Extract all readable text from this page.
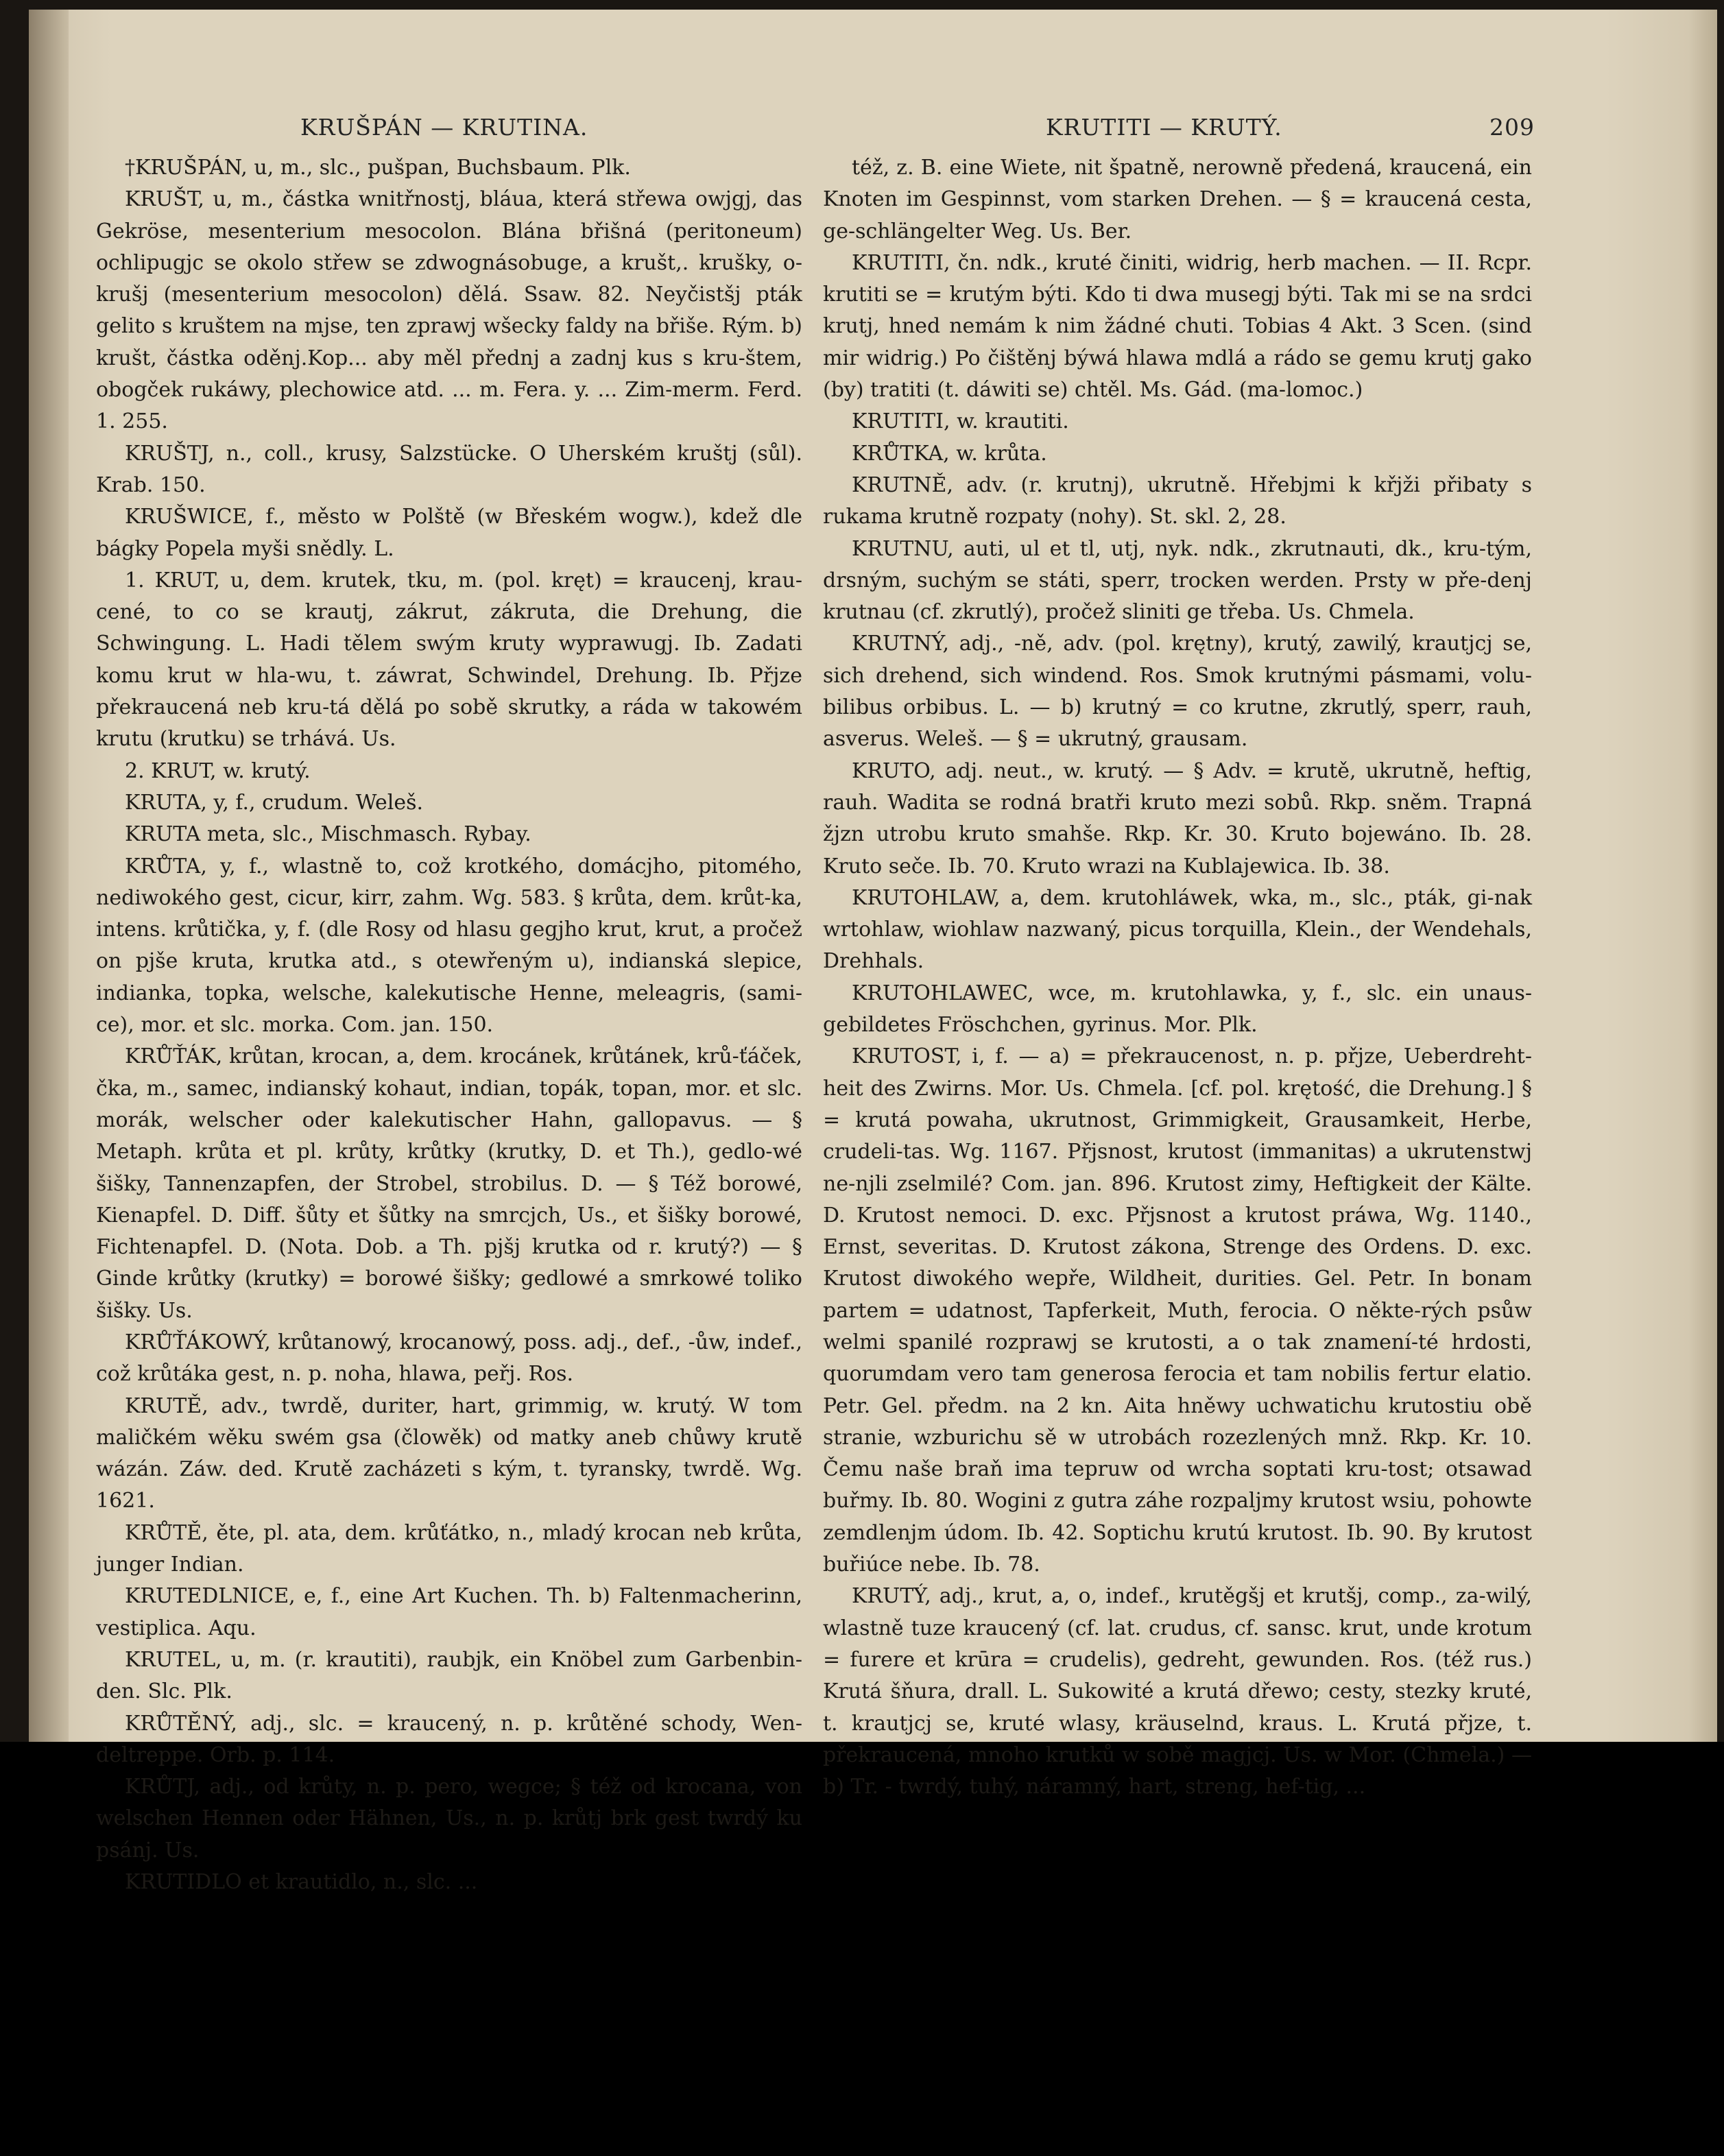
KRUŠPÁN — KRUTINA.	KRUTITI — KRUTÝ.	209

†KRUŠPÁN, u, m., slc., pušpan, Buchsbaum. Plk.

KRUŠT, u, m., částka wnitřnostj, bláua, která střewa owjgj, das Gekröse, mesenterium mesocolon. Blána břišná (peritoneum) ochlipugjc se okolo střew se zdwognásobuge, a krušt,. krušky, o-krušj (mesenterium mesocolon) dělá. Ssaw. 82. Neyčistšj pták gelito s kruštem na mjse, ten zprawj wšecky faldy na břiše. Rým. b) krušt, částka oděnj.Kop... aby měl přednj a zadnj kus s kru-štem, obogček rukáwy, plechowice atd. ... m. Fera. y. ... Zim-merm. Ferd. 1. 255.

KRUŠTJ, n., coll., krusy, Salzstücke. O Uherském kruštj (sůl). Krab. 150.

KRUŠWICE, f., město w Polště (w Břeském wogw.), kdež dle bágky Popela myši snědly. L.

1. KRUT, u, dem. krutek, tku, m. (pol. kręt) = kraucenj, krau-cené, to co se krautj, zákrut, zákruta, die Drehung, die Schwingung. L. Hadi tělem swým kruty wyprawugj. Ib. Zadati komu krut w hla-wu, t. záwrat, Schwindel, Drehung. Ib. Přjze překraucená neb kru-tá dělá po sobě skrutky, a ráda w takowém krutu (krutku) se trhává. Us.

2. KRUT, w. krutý.

KRUTA, y, f., crudum. Weleš.

KRUTA meta, slc., Mischmasch. Rybay.

KRŮTA, y, f., wlastně to, což krotkého, domácjho, pitomého, nediwokého gest, cicur, kirr, zahm. Wg. 583. § krůta, dem. krůt-ka, intens. krůtička, y, f. (dle Rosy od hlasu gegjho krut, krut, a pročež on pjše kruta, krutka atd., s otewřeným u), indianská slepice, indianka, topka, welsche, kalekutische Henne, meleagris, (sami-ce), mor. et slc. morka. Com. jan. 150.

KRŮŤÁK, krůtan, krocan, a, dem. krocánek, krůtánek, krů-ťáček, čka, m., samec, indianský kohaut, indian, topák, topan, mor. et slc. morák, welscher oder kalekutischer Hahn, gallopavus. — § Metaph. krůta et pl. krůty, krůtky (krutky, D. et Th.), gedlo-wé šišky, Tannenzapfen, der Strobel, strobilus. D. — § Též borowé, Kienapfel. D. Diff. šůty et šůtky na smrcjch, Us., et šišky borowé, Fichtenapfel. D. (Nota. Dob. a Th. pjšj krutka od r. krutý?) — § Ginde krůtky (krutky) = borowé šišky; gedlowé a smrkowé toliko šišky. Us.

KRŮŤÁKOWÝ, krůtanowý, krocanowý, poss. adj., def., -ůw, indef., což krůtáka gest, n. p. noha, hlawa, peřj. Ros.

KRUTĚ, adv., twrdě, duriter, hart, grimmig, w. krutý. W tom maličkém wěku swém gsa (člowěk) od matky aneb chůwy krutě wázán. Záw. ded. Krutě zacházeti s kým, t. tyransky, twrdě. Wg. 1621.

KRŮTĚ, ěte, pl. ata, dem. krůťátko, n., mladý krocan neb krůta, junger Indian.

KRUTEDLNICE, e, f., eine Art Kuchen. Th. b) Faltenmacherinn, vestiplica. Aqu.

KRUTEL, u, m. (r. krautiti), raubjk, ein Knöbel zum Garbenbin-den. Slc. Plk.

KRŮTĚNÝ, adj., slc. = kraucený, n. p. krůtěné schody, Wen-deltreppe. Orb. p. 114.

KRŮTJ, adj., od krůty, n. p. pero, wegce; § též od krocana, von welschen Hennen oder Hähnen, Us., n. p. krůtj brk gest twrdý ku psánj. Us.

KRUTIDLO et krautidlo, n., slc. ...

též, z. B. eine Wiete, nit špatně, nerowně předená, kraucená, ein Knoten im Gespinnst, vom starken Drehen. — § = kraucená cesta, ge-schlängelter Weg. Us. Ber.

KRUTITI, čn. ndk., kruté činiti, widrig, herb machen. — II. Rcpr. krutiti se = krutým býti. Kdo ti dwa musegj býti. Tak mi se na srdci krutj, hned nemám k nim žádné chuti. Tobias 4 Akt. 3 Scen. (sind mir widrig.) Po čištěnj býwá hlawa mdlá a rádo se gemu krutj gako (by) tratiti (t. dáwiti se) chtěl. Ms. Gád. (ma-lomoc.)

KRUTITI, w. krautiti.

KRŮTKA, w. krůta.

KRUTNĚ, adv. (r. krutnj), ukrutně. Hřebjmi k křjži přibaty s rukama krutně rozpaty (nohy). St. skl. 2, 28.

KRUTNU, auti, ul et tl, utj, nyk. ndk., zkrutnauti, dk., kru-tým, drsným, suchým se státi, sperr, trocken werden. Prsty w pře-denj krutnau (cf. zkrutlý), pročež sliniti ge třeba. Us. Chmela.

KRUTNÝ, adj., -ně, adv. (pol. krętny), krutý, zawilý, krautjcj se, sich drehend, sich windend. Ros. Smok krutnými pásmami, volu-bilibus orbibus. L. — b) krutný = co krutne, zkrutlý, sperr, rauh, asverus. Weleš. — § = ukrutný, grausam.

KRUTO, adj. neut., w. krutý. — § Adv. = krutě, ukrutně, heftig, rauh. Wadita se rodná bratři kruto mezi sobů. Rkp. sněm. Trapná žjzn utrobu kruto smahše. Rkp. Kr. 30. Kruto bojewáno. Ib. 28. Kruto seče. Ib. 70. Kruto wrazi na Kublajewica. Ib. 38.

KRUTOHLAW, a, dem. krutohláwek, wka, m., slc., pták, gi-nak wrtohlaw, wiohlaw nazwaný, picus torquilla, Klein., der Wendehals, Drehhals.

KRUTOHLAWEC, wce, m. krutohlawka, y, f., slc. ein unaus-gebildetes Fröschchen, gyrinus. Mor. Plk.

KRUTOST, i, f. — a) = překraucenost, n. p. přjze, Ueberdreht-heit des Zwirns. Mor. Us. Chmela. [cf. pol. krętość, die Drehung.] § = krutá powaha, ukrutnost, Grimmigkeit, Grausamkeit, Herbe, crudeli-tas. Wg. 1167. Přjsnost, krutost (immanitas) a ukrutenstwj ne-njli zselmilé? Com. jan. 896. Krutost zimy, Heftigkeit der Kälte. D. Krutost nemoci. D. exc. Přjsnost a krutost práwa, Wg. 1140., Ernst, severitas. D. Krutost zákona, Strenge des Ordens. D. exc. Krutost diwokého wepře, Wildheit, durities. Gel. Petr. In bonam partem = udatnost, Tapferkeit, Muth, ferocia. O někte-rých psůw welmi spanilé rozprawj se krutosti, a o tak znamení-té hrdosti, quorumdam vero tam generosa ferocia et tam nobilis fertur elatio. Petr. Gel. předm. na 2 kn. Aita hněwy uchwatichu krutostiu obě stranie, wzburichu sě w utrobách rozezlených mnž. Rkp. Kr. 10. Čemu naše braň ima tepruw od wrcha soptati kru-tost; otsawad buřmy. Ib. 80. Wogini z gutra záhe rozpaljmy krutost wsiu, pohowte zemdlenjm údom. Ib. 42. Soptichu krutú krutost. Ib. 90. By krutost buřiúce nebe. Ib. 78.

KRUTÝ, adj., krut, a, o, indef., krutěgšj et krutšj, comp., za-wilý, wlastně tuze kraucený (cf. lat. crudus, cf. sansc. krut, unde krotum = furere et krūra = crudelis), gedreht, gewunden. Ros. (též rus.) Krutá šňura, drall. L. Sukowité a krutá dřewo; cesty, stezky kruté, t. krautjcj se, kruté wlasy, kräuselnd, kraus. L. Krutá přjze, t. překraucená, mnoho krutků w sobě magjcj. Us. w Mor. (Chmela.) — b) Tr. - twrdý, tuhý, náramný, hart, streng, hef-tig, ...
